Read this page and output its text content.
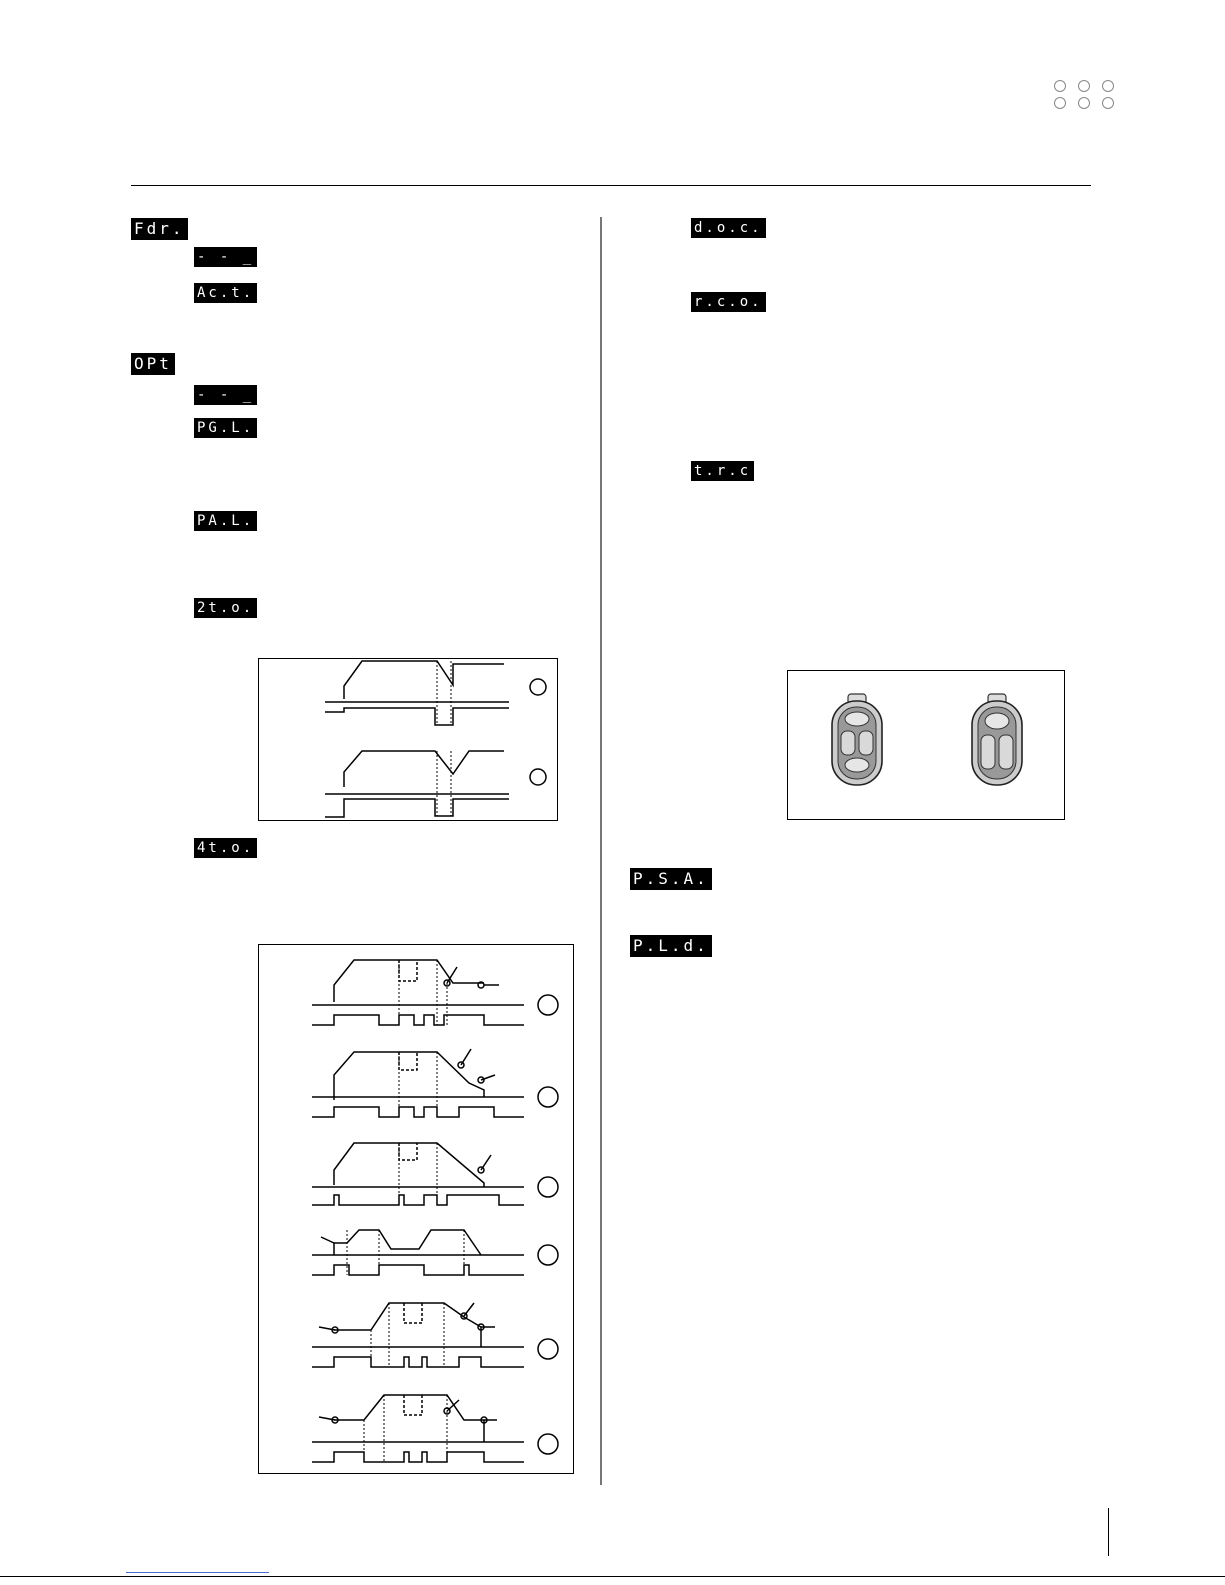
Fdr.
- - _
Ac.t.
OPt
- - _
PG.L.
PA.L.
2t.o.
4t.o.
d.o.c.
r.c.o.
t.r.c
P.S.A.
P.L.d.
